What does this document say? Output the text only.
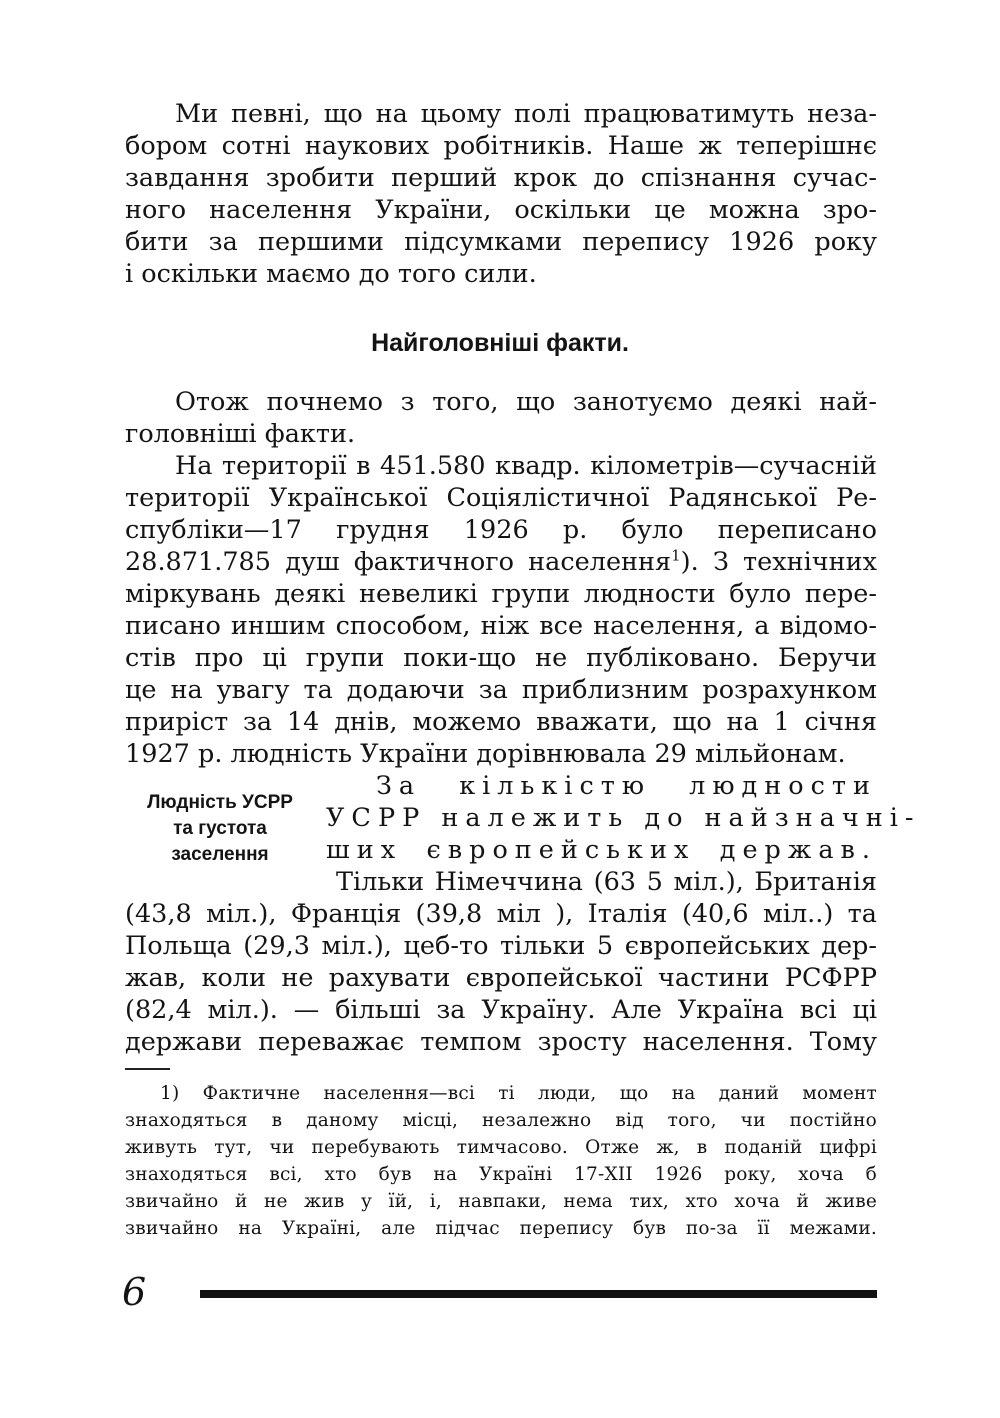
Ми певні, що на цьому полі працюватимуть неза-
бором сотні наукових робітників. Наше ж теперішнє
завдання зробити перший крок до спізнання сучас-
ного населення України, оскільки це можна зро-
бити за першими підсумками перепису 1926 року
і оскільки маємо до того сили.
Найголовніші факти.
Отож почнемо з того, що занотуємо деякі най-
головніші факти.
На території в 451.580 квадр. кілометрів—сучасній
території Української Соціялістичної Радянської Ре-
спубліки—17 грудня 1926 р. було переписано
28.871.785 душ фактичного населення$^1$). З технічних
міркувань деякі невеликі групи людности було пере-
писано иншим способом, ніж все населення, а відомо-
стів про ці групи поки-що не публіковано. Беручи
це на увагу та додаючи за приблизним розрахунком
приріст за 14 днів, можемо вважати, що на 1 січня
1927 р. людність України дорівнювала 29 мільйонам.
Людність УСРР
та густота
заселення
За кількістю людности
УСРР належить до найзначні-
ших європейських держав.
Тільки Німеччина (63 5 міл.), Британія
(43,8 міл.), Франція (39,8 міл ), Італія (40,6 міл..) та
Польща (29,3 міл.), цеб-то тільки 5 європейських дер-
жав, коли не рахувати європейської частини РСФРР
(82,4 міл.). — більші за Україну. Але Україна всі ці
держави переважає темпом зросту населення. Тому
1) Фактичне населення—всі ті люди, що на даний момент
знаходяться в даному місці, незалежно від того, чи постійно
живуть тут, чи перебувають тимчасово. Отже ж, в поданій цифрі
знаходяться всі, хто був на Україні 17-XII 1926 року, хоча б
звичайно й не жив у їй, і, навпаки, нема тих, хто хоча й живе
звичайно на Україні, але підчас перепису був по-за її межами.

6
